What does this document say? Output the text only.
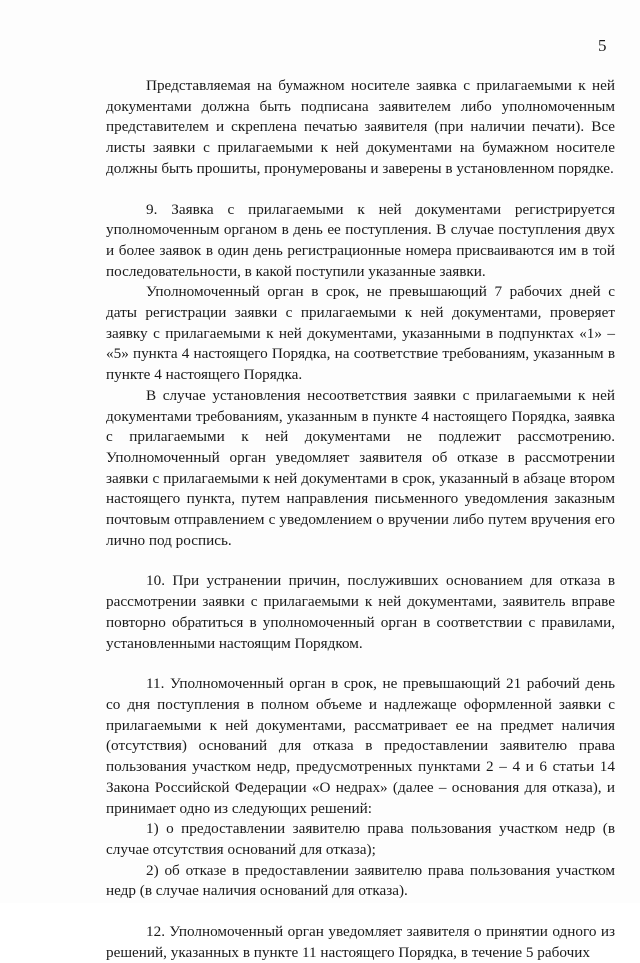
5

Представляемая на бумажном носителе заявка с прилагаемыми к ней документами должна быть подписана заявителем либо уполномоченным представителем и скреплена печатью заявителя (при наличии печати). Все листы заявки с прилагаемыми к ней документами на бумажном носителе должны быть прошиты, пронумерованы и заверены в установленном порядке.

9. Заявка с прилагаемыми к ней документами регистрируется уполномоченным органом в день ее поступления. В случае поступления двух и более заявок в один день регистрационные номера присваиваются им в той последовательности, в какой поступили указанные заявки.

Уполномоченный орган в срок, не превышающий 7 рабочих дней с даты регистрации заявки с прилагаемыми к ней документами, проверяет заявку с прилагаемыми к ней документами, указанными в подпунктах «1» – «5» пункта 4 настоящего Порядка, на соответствие требованиям, указанным в пункте 4 настоящего Порядка.

В случае установления несоответствия заявки с прилагаемыми к ней документами требованиям, указанным в пункте 4 настоящего Порядка, заявка с прилагаемыми к ней документами не подлежит рассмотрению. Уполномоченный орган уведомляет заявителя об отказе в рассмотрении заявки с прилагаемыми к ней документами в срок, указанный в абзаце втором настоящего пункта, путем направления письменного уведомления заказным почтовым отправлением с уведомлением о вручении либо путем вручения его лично под роспись.

10. При устранении причин, послуживших основанием для отказа в рассмотрении заявки с прилагаемыми к ней документами, заявитель вправе повторно обратиться в уполномоченный орган в соответствии с правилами, установленными настоящим Порядком.

11. Уполномоченный орган в срок, не превышающий 21 рабочий день со дня поступления в полном объеме и надлежаще оформленной заявки с прилагаемыми к ней документами, рассматривает ее на предмет наличия (отсутствия) оснований для отказа в предоставлении заявителю права пользования участком недр, предусмотренных пунктами 2 – 4 и 6 статьи 14 Закона Российской Федерации «О недрах» (далее – основания для отказа), и принимает одно из следующих решений:

1) о предоставлении заявителю права пользования участком недр (в случае отсутствия оснований для отказа);

2) об отказе в предоставлении заявителю права пользования участком недр (в случае наличия оснований для отказа).

12. Уполномоченный орган уведомляет заявителя о принятии одного из решений, указанных в пункте 11 настоящего Порядка, в течение 5 рабочих
